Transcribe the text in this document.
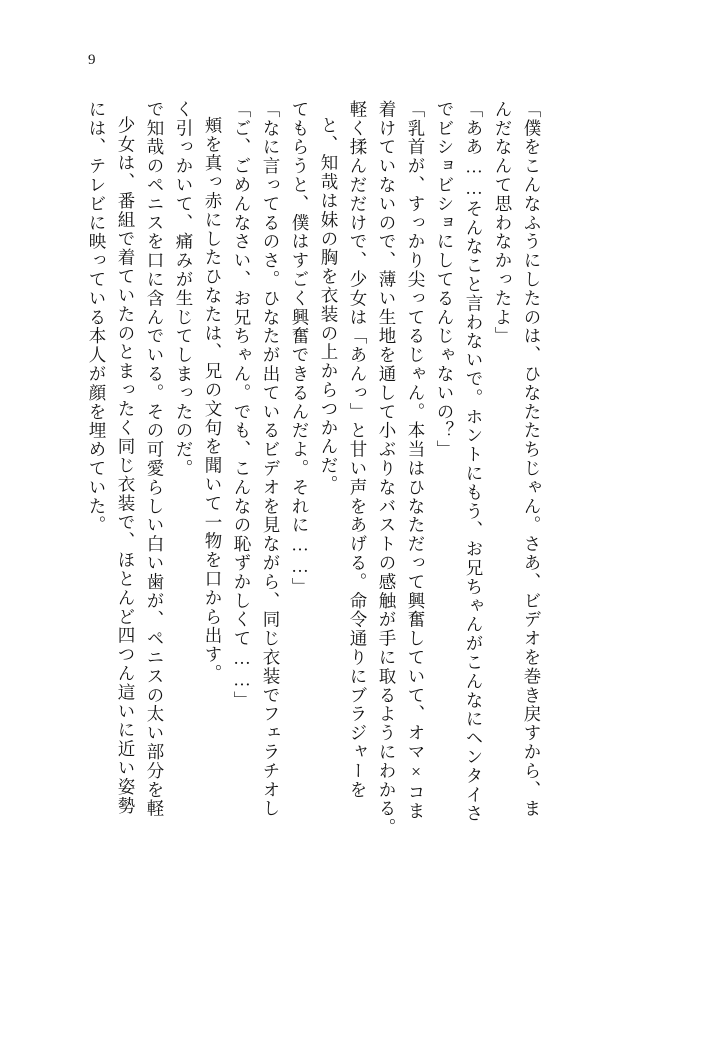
9
には、テレビに映っている本人が顔を埋めていた。 少女は、番組で着ていたのとまったく同じ衣装で、ほとんど四つん這いに近い姿勢 で知哉のペニスを口に含んでいる。その可愛らしい白い歯が、ペニスの太い部分を軽 く引っかいて、痛みが生じてしまったのだ。 頬を真っ赤にしたひなたは、兄の文句を聞いて一物を口から出す。 「ご、ごめんなさい、お兄ちゃん。でも、こんなの恥ずかしくて……」 「なに言ってるのさ。ひなたが出ているビデオを見ながら、同じ衣装でフェラチオし てもらうと、僕はすごく興奮できるんだよ。それに……」 と、知哉は妹の胸を衣装の上からつかんだ。 軽く揉んだだけで、少女は「あんっ」と甘い声をあげる。命令通りにブラジャーを 着けていないので、薄い生地を通して小ぶりなバストの感触が手に取るようにわかる。 「乳首が、すっかり尖ってるじゃん。本当はひなただって興奮していて、オマ×コま でビショビショにしてるんじゃないの？」 「ああ……そんなこと言わないで。ホントにもう、お兄ちゃんがこんなにヘンタイさ んだなんて思わなかったよ」 「僕をこんなふうにしたのは、ひなたたちじゃん。さあ、ビデオを巻き戻すから、ま
